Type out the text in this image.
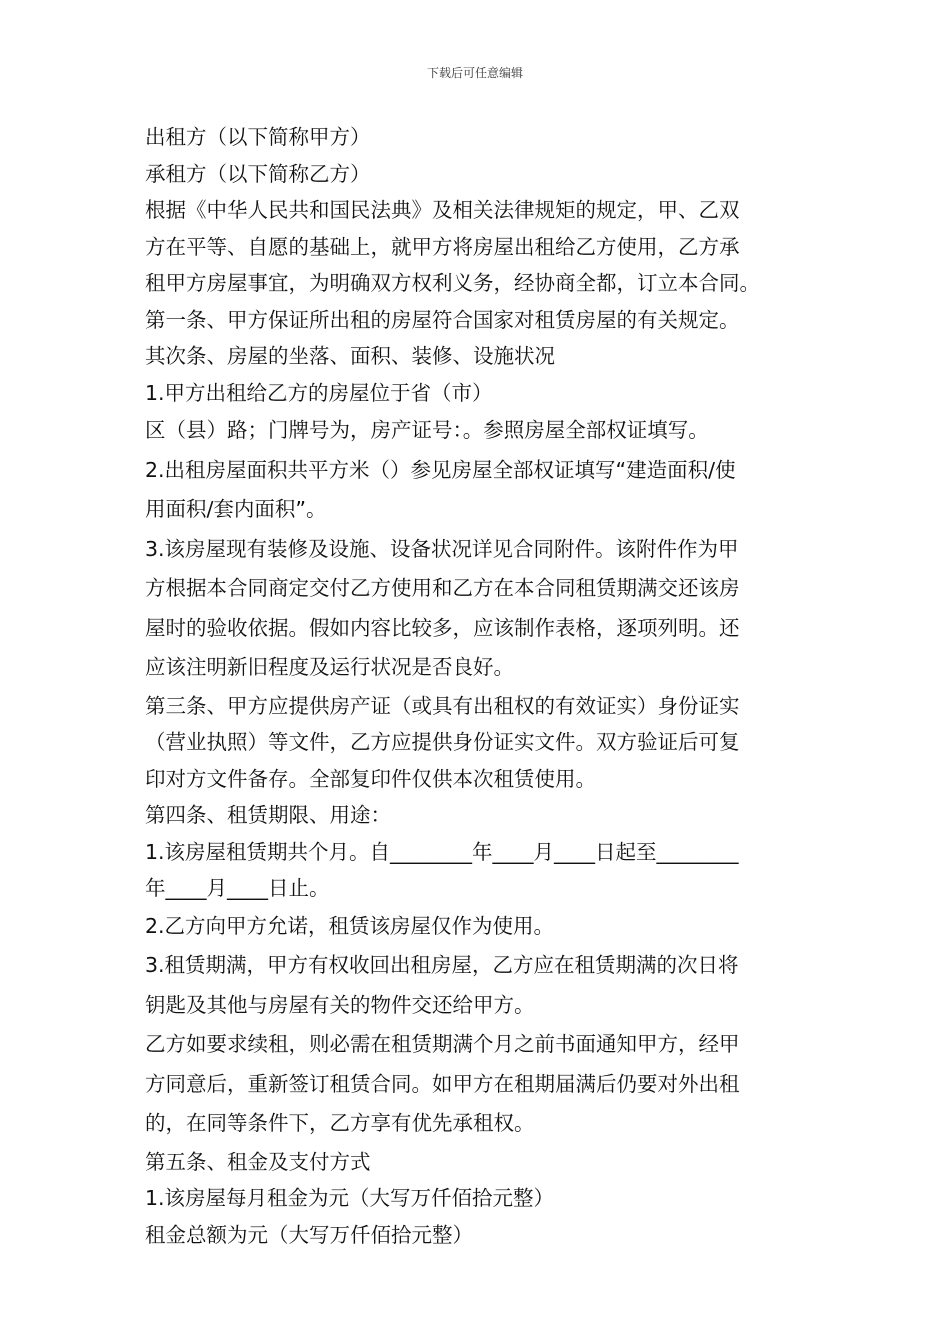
下载后可任意编辑

出租方（以下简称甲方）

承租方（以下简称乙方）

根据《中华人民共和国民法典》及相关法律规矩的规定，甲、乙双

方在平等、自愿的基础上，就甲方将房屋出租给乙方使用，乙方承

租甲方房屋事宜，为明确双方权利义务，经协商全都，订立本合同。

第一条、甲方保证所出租的房屋符合国家对租赁房屋的有关规定。

其次条、房屋的坐落、面积、装修、设施状况

1.甲方出租给乙方的房屋位于省（市）

区（县）路；门牌号为，房产证号：。参照房屋全部权证填写。

2.出租房屋面积共平方米（）参见房屋全部权证填写“建造面积/使

用面积/套内面积”。

3.该房屋现有装修及设施、设备状况详见合同附件。该附件作为甲

方根据本合同商定交付乙方使用和乙方在本合同租赁期满交还该房

屋时的验收依据。假如内容比较多，应该制作表格，逐项列明。还

应该注明新旧程度及运行状况是否良好。

第三条、甲方应提供房产证（或具有出租权的有效证实）身份证实

（营业执照）等文件，乙方应提供身份证实文件。双方验证后可复

印对方文件备存。全部复印件仅供本次租赁使用。

第四条、租赁期限、用途：

1.该房屋租赁期共个月。自________年____月____日起至________

年____月____日止。

2.乙方向甲方允诺，租赁该房屋仅作为使用。

3.租赁期满，甲方有权收回出租房屋，乙方应在租赁期满的次日将

钥匙及其他与房屋有关的物件交还给甲方。

乙方如要求续租，则必需在租赁期满个月之前书面通知甲方，经甲

方同意后，重新签订租赁合同。如甲方在租期届满后仍要对外出租

的，在同等条件下，乙方享有优先承租权。

第五条、租金及支付方式

1.该房屋每月租金为元（大写万仟佰拾元整）

租金总额为元（大写万仟佰拾元整）
